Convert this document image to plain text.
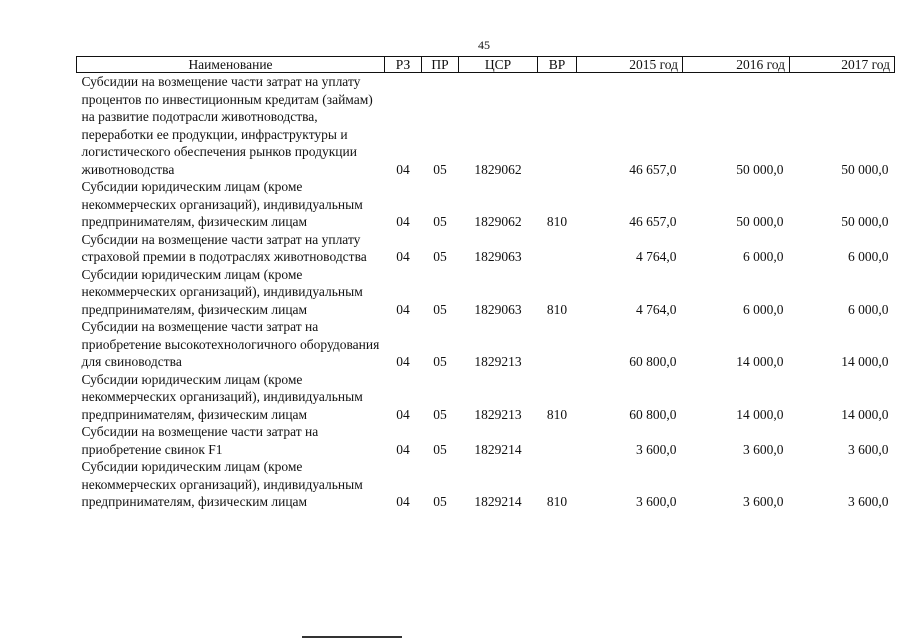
45
Наименование	РЗ	ПР	ЦСР	ВР	2015 год	2016 год	2017 год
Субсидии на возмещение части затрат на уплату процентов по инвестиционным кредитам (займам) на развитие подотрасли животноводства, переработки ее продукции, инфраструктуры и логистического обеспечения рынков продукции животноводства	04	05	1829062		46 657,0	50 000,0	50 000,0
Субсидии юридическим лицам (кроме некоммерческих организаций), индивидуальным предпринимателям, физическим лицам	04	05	1829062	810	46 657,0	50 000,0	50 000,0
Субсидии на возмещение части затрат на уплату страховой премии в подотраслях животноводства	04	05	1829063		4 764,0	6 000,0	6 000,0
Субсидии юридическим лицам (кроме некоммерческих организаций), индивидуальным предпринимателям, физическим лицам	04	05	1829063	810	4 764,0	6 000,0	6 000,0
Субсидии на возмещение части затрат на приобретение высокотехнологичного оборудования для свиноводства	04	05	1829213		60 800,0	14 000,0	14 000,0
Субсидии юридическим лицам (кроме некоммерческих организаций), индивидуальным предпринимателям, физическим лицам	04	05	1829213	810	60 800,0	14 000,0	14 000,0
Субсидии на возмещение части затрат на приобретение свинок F1	04	05	1829214		3 600,0	3 600,0	3 600,0
Субсидии юридическим лицам (кроме некоммерческих организаций), индивидуальным предпринимателям, физическим лицам	04	05	1829214	810	3 600,0	3 600,0	3 600,0
